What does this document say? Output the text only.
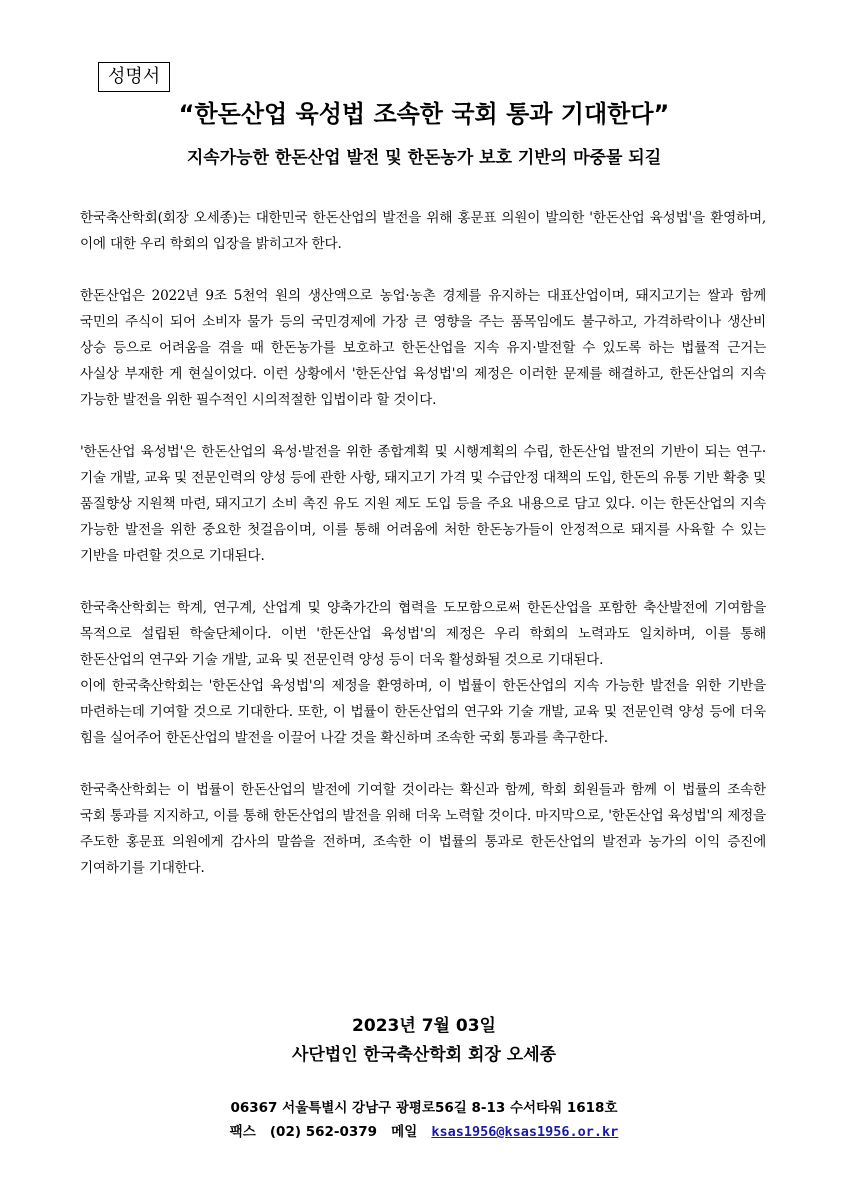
성명서
“한돈산업 육성법 조속한 국회 통과 기대한다”
지속가능한 한돈산업 발전 및 한돈농가 보호 기반의 마중물 되길

한국축산학회(회장 오세종)는 대한민국 한돈산업의 발전을 위해 홍문표 의원이 발의한 '한돈산업 육성법'을 환영하며, 이에 대한 우리 학회의 입장을 밝히고자 한다.

한돈산업은 2022년 9조 5천억 원의 생산액으로 농업·농촌 경제를 유지하는 대표산업이며, 돼지고기는 쌀과 함께 국민의 주식이 되어 소비자 물가 등의 국민경제에 가장 큰 영향을 주는 품목임에도 불구하고, 가격하락이나 생산비 상승 등으로 어려움을 겪을 때 한돈농가를 보호하고 한돈산업을 지속 유지·발전할 수 있도록 하는 법률적 근거는 사실상 부재한 게 현실이었다. 이런 상황에서 '한돈산업 육성법'의 제정은 이러한 문제를 해결하고, 한돈산업의 지속 가능한 발전을 위한 필수적인 시의적절한 입법이라 할 것이다.

'한돈산업 육성법'은 한돈산업의 육성·발전을 위한 종합계획 및 시행계획의 수립, 한돈산업 발전의 기반이 되는 연구·기술 개발, 교육 및 전문인력의 양성 등에 관한 사항, 돼지고기 가격 및 수급안정 대책의 도입, 한돈의 유통 기반 확충 및 품질향상 지원책 마련, 돼지고기 소비 촉진 유도 지원 제도 도입 등을 주요 내용으로 담고 있다. 이는 한돈산업의 지속 가능한 발전을 위한 중요한 첫걸음이며, 이를 통해 어려움에 처한 한돈농가들이 안정적으로 돼지를 사육할 수 있는 기반을 마련할 것으로 기대된다.

한국축산학회는 학계, 연구계, 산업계 및 양축가간의 협력을 도모함으로써 한돈산업을 포함한 축산발전에 기여함을 목적으로 설립된 학술단체이다. 이번 '한돈산업 육성법'의 제정은 우리 학회의 노력과도 일치하며, 이를 통해 한돈산업의 연구와 기술 개발, 교육 및 전문인력 양성 등이 더욱 활성화될 것으로 기대된다.

이에 한국축산학회는 '한돈산업 육성법'의 제정을 환영하며, 이 법률이 한돈산업의 지속 가능한 발전을 위한 기반을 마련하는데 기여할 것으로 기대한다. 또한, 이 법률이 한돈산업의 연구와 기술 개발, 교육 및 전문인력 양성 등에 더욱 힘을 실어주어 한돈산업의 발전을 이끌어 나갈 것을 확신하며 조속한 국회 통과를 촉구한다.

한국축산학회는 이 법률이 한돈산업의 발전에 기여할 것이라는 확신과 함께, 학회 회원들과 함께 이 법률의 조속한 국회 통과를 지지하고, 이를 통해 한돈산업의 발전을 위해 더욱 노력할 것이다. 마지막으로, '한돈산업 육성법'의 제정을 주도한 홍문표 의원에게 감사의 말씀을 전하며, 조속한 이 법률의 통과로 한돈산업의 발전과 농가의 이익 증진에 기여하기를 기대한다.

2023년 7월 03일
사단법인 한국축산학회 회장 오세종
06367 서울특별시 강남구 광평로56길 8-13 수서타워 1618호
팩스 (02) 562-0379 메일 ksas1956@ksas1956.or.kr
